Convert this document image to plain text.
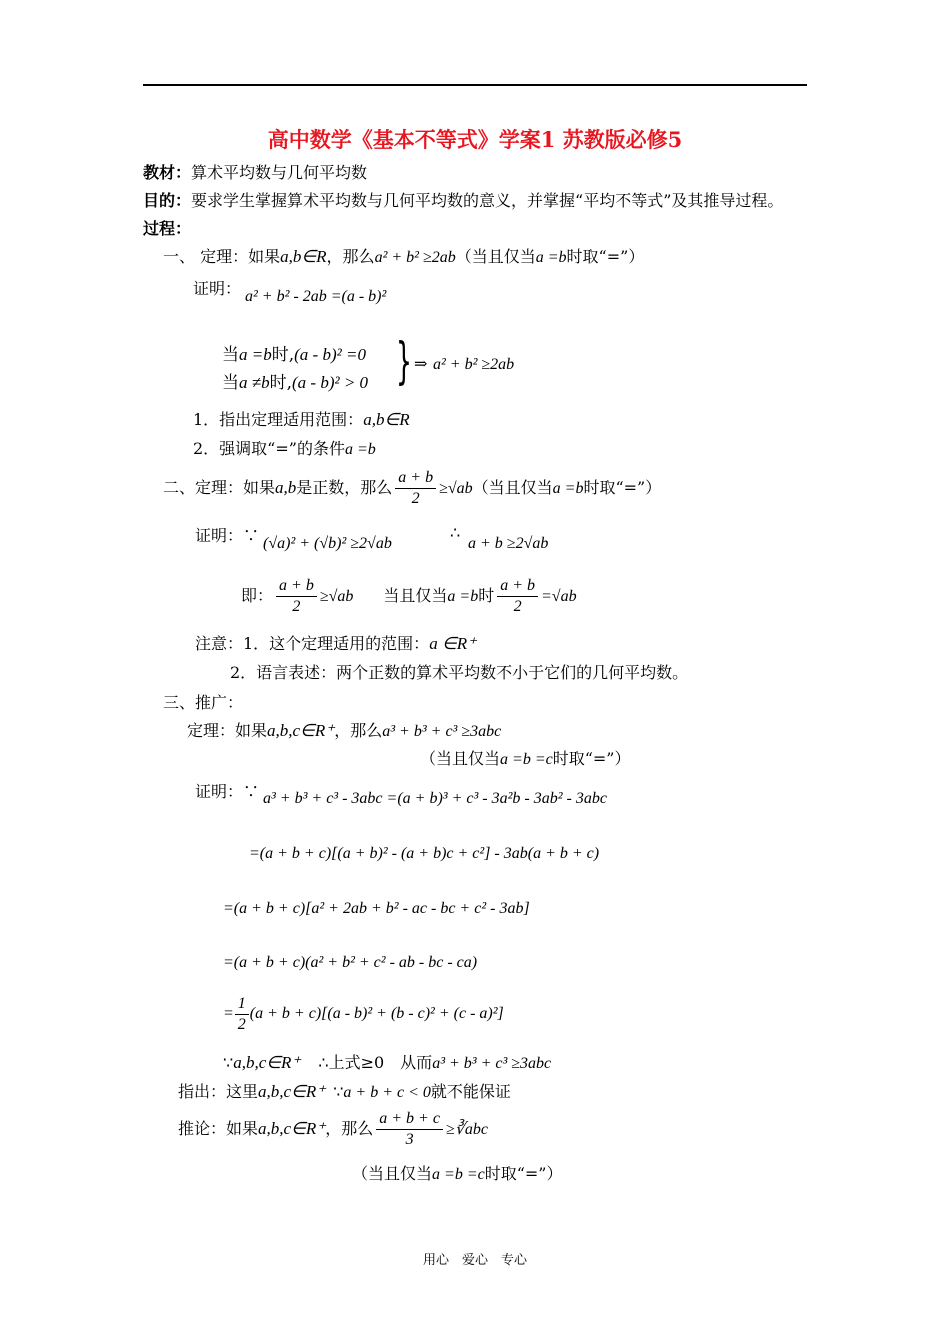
高中数学《基本不等式》学案1 苏教版必修5
教材：算术平均数与几何平均数
目的：要求学生掌握算术平均数与几何平均数的意义，并掌握“平均不等式”及其推导过程。
过程：
一、 定理：如果a,b∈R，那么a² + b² ≥2ab（当且仅当a =b时取“=”）
证明： a² + b² - 2ab =(a - b)²
当a =b时,(a - b)² =0
当a ≠b时,(a - b)² > 0 } ⇒ a² + b² ≥2ab
1．指出定理适用范围：a,b∈R
2．强调取“=”的条件a =b
二、定理：如果a,b是正数，那么 $\frac{a + b}{2} \ge√ab$（当且仅当a =b时取“=”）
证明：∵ (√a)² + (√b)² ≥2√ab
∴
a + b ≥2√ab
即： $\frac{a + b}{2} \ge√ab$ 当且仅当a =b时 $\frac{a + b}{2} =√ab$
注意：1．这个定理适用的范围：a ∈R⁺
2．语言表述：两个正数的算术平均数不小于它们的几何平均数。
三、推广：
定理：如果a,b,c∈R⁺，那么a³ + b³ + c³ ≥3abc
（当且仅当a =b =c时取“=”）
证明：∵ a³ + b³ + c³ - 3abc =(a + b)³ + c³ - 3a²b - 3ab² - 3abc
=(a + b + c)[(a + b)² - (a + b)c + c²] - 3ab(a + b + c)
=(a + b + c)[a² + 2ab + b² - ac - bc + c² - 3ab]
=(a + b + c)(a² + b² + c² - ab - bc - ca)
= $\frac{1}{2} (a + b + c)[(a - b)^2 + (b - c)^2 + (c - a)^2]$
∵a,b,c∈R⁺ ∴上式≥0　从而a³ + b³ + c³ ≥3abc
指出：这里a,b,c∈R⁺ ∵a + b + c < 0就不能保证
推论：如果a,b,c∈R⁺，那么 $\frac{a + b + c}{3}$ ≥∛abc
（当且仅当a =b =c时取“=”）
用心　爱心　专心
